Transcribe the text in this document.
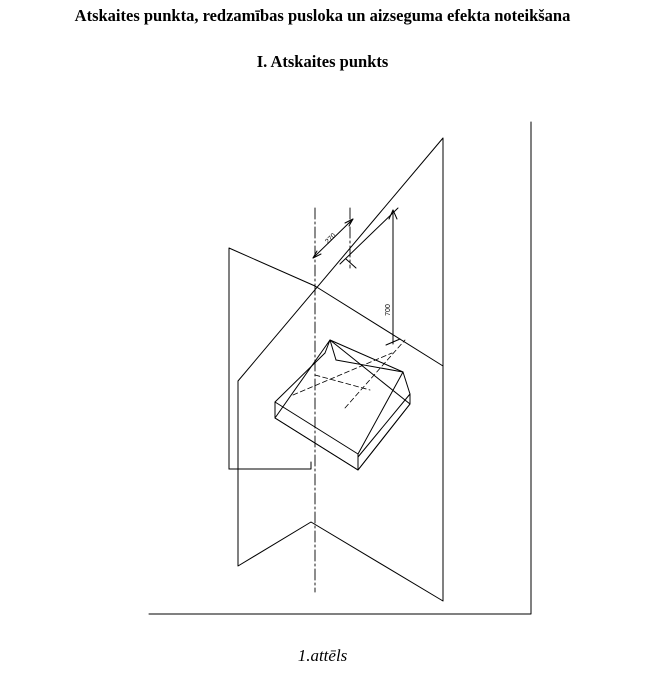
Atskaites punkta, redzamības pusloka un aizseguma efekta noteikšana
I. Atskaites punkts
270
700
1.attēls
